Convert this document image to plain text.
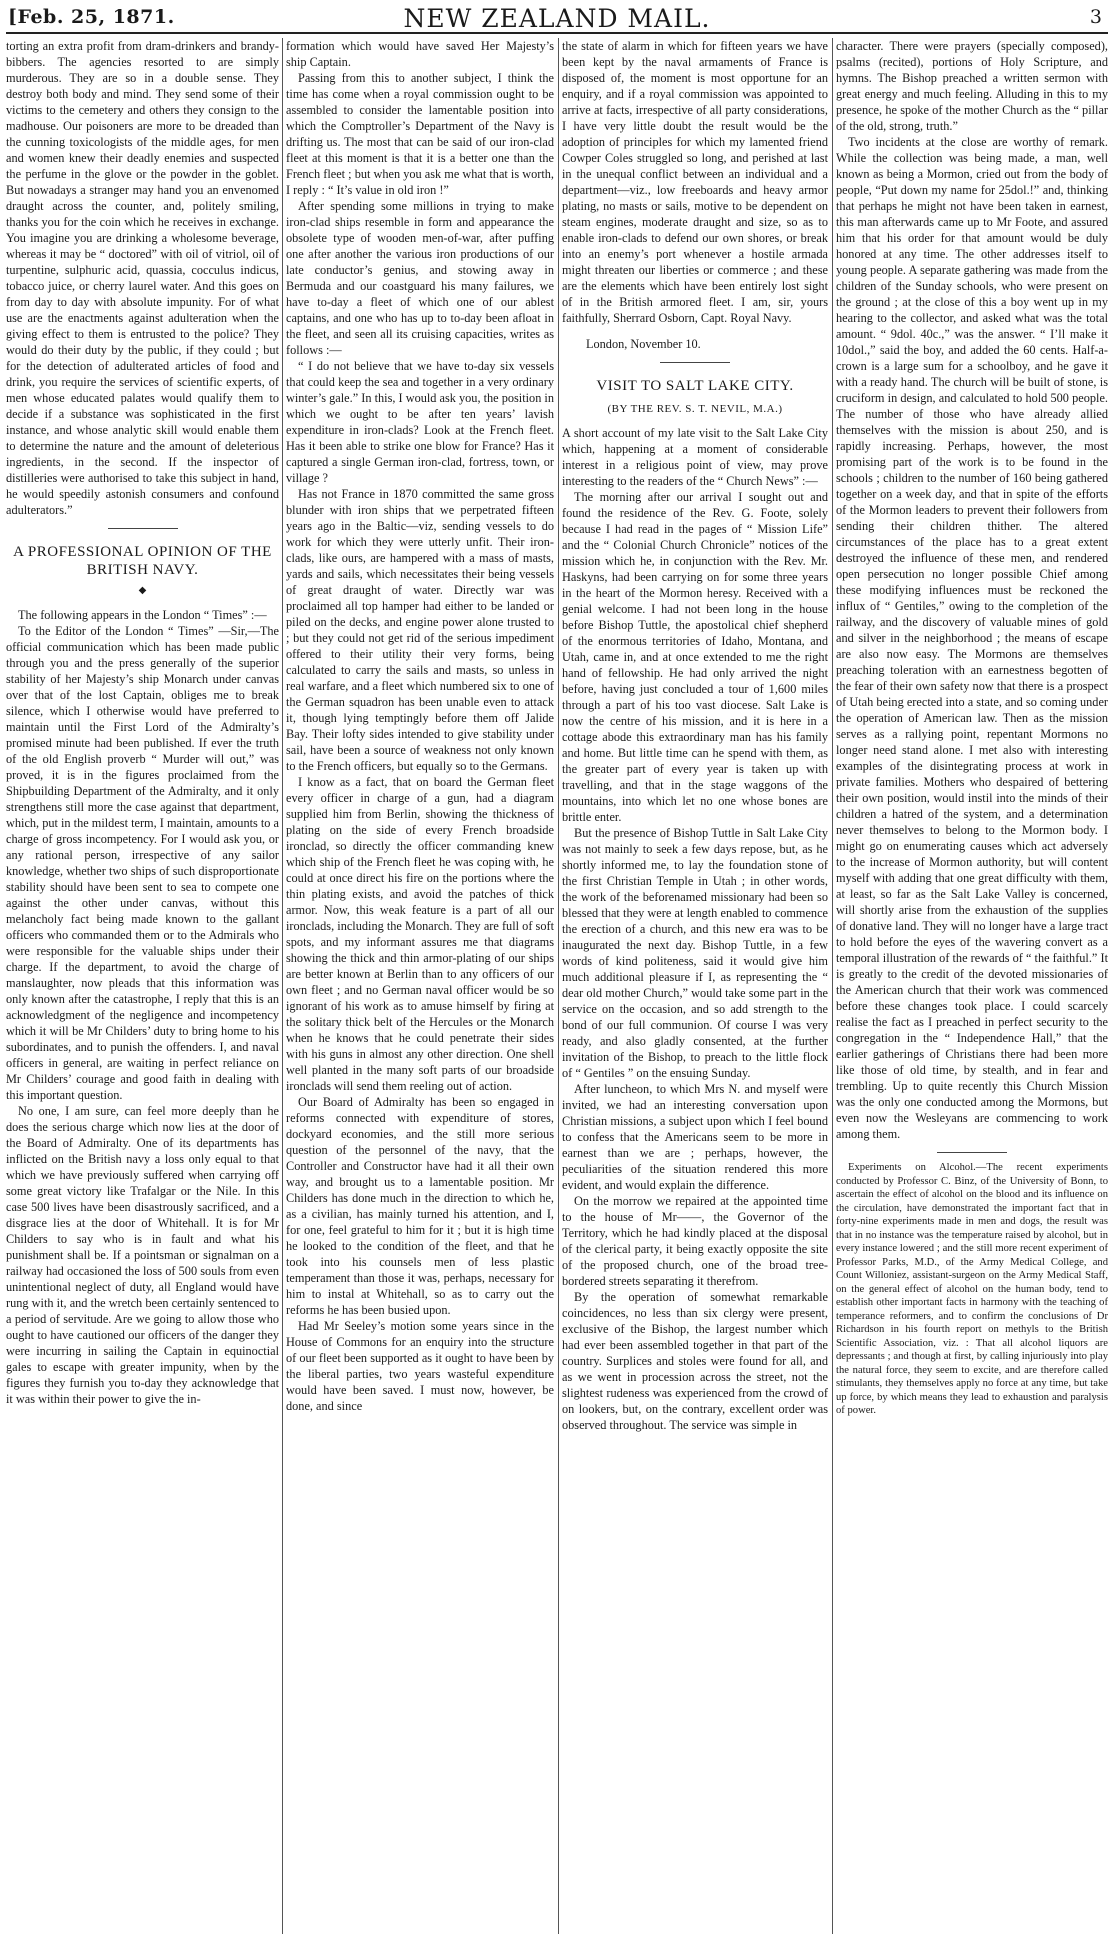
[Feb. 25, 1871.	NEW ZEALAND MAIL.	3

torting an extra profit from dram-drinkers and brandy-bibbers. The agencies resorted to are simply murderous. They are so in a double sense. They destroy both body and mind. They send some of their victims to the cemetery and others they consign to the madhouse. Our poisoners are more to be dreaded than the cunning toxicologists of the middle ages, for men and women knew their deadly enemies and suspected the perfume in the glove or the powder in the goblet. But nowadays a stranger may hand you an envenomed draught across the counter, and, politely smiling, thanks you for the coin which he receives in exchange. You imagine you are drinking a wholesome beverage, whereas it may be “ doctored” with oil of vitriol, oil of turpentine, sulphuric acid, quassia, cocculus indicus, tobacco juice, or cherry laurel water. And this goes on from day to day with absolute impunity. For of what use are the enactments against adulteration when the giving effect to them is entrusted to the police? They would do their duty by the public, if they could ; but for the detection of adulterated articles of food and drink, you require the services of scientific experts, of men whose educated palates would qualify them to decide if a substance was sophisticated in the first instance, and whose analytic skill would enable them to determine the nature and the amount of deleterious ingredients, in the second. If the inspector of distilleries were authorised to take this subject in hand, he would speedily astonish consumers and confound adulterators.”

A PROFESSIONAL OPINION OF THE BRITISH NAVY.
◆

The following appears in the London “ Times” :—

To the Editor of the London “ Times” —Sir,—The official communication which has been made public through you and the press generally of the superior stability of her Majesty’s ship Monarch under canvas over that of the lost Captain, obliges me to break silence, which I otherwise would have preferred to maintain until the First Lord of the Admiralty’s promised minute had been published. If ever the truth of the old English proverb “ Murder will out,” was proved, it is in the figures proclaimed from the Shipbuilding Department of the Admiralty, and it only strengthens still more the case against that department, which, put in the mildest term, I maintain, amounts to a charge of gross incompetency. For I would ask you, or any rational person, irrespective of any sailor knowledge, whether two ships of such disproportionate stability should have been sent to sea to compete one against the other under canvas, without this melancholy fact being made known to the gallant officers who commanded them or to the Admirals who were responsible for the valuable ships under their charge. If the department, to avoid the charge of manslaughter, now pleads that this information was only known after the catastrophe, I reply that this is an acknowledgment of the negligence and incompetency which it will be Mr Childers’ duty to bring home to his subordinates, and to punish the offenders. I, and naval officers in general, are waiting in perfect reliance on Mr Childers’ courage and good faith in dealing with this important question.

No one, I am sure, can feel more deeply than he does the serious charge which now lies at the door of the Board of Admiralty. One of its departments has inflicted on the British navy a loss only equal to that which we have previously suffered when carrying off some great victory like Trafalgar or the Nile. In this case 500 lives have been disastrously sacrificed, and a disgrace lies at the door of Whitehall. It is for Mr Childers to say who is in fault and what his punishment shall be. If a pointsman or signalman on a railway had occasioned the loss of 500 souls from even unintentional neglect of duty, all England would have rung with it, and the wretch been certainly sentenced to a period of servitude. Are we going to allow those who ought to have cautioned our officers of the danger they were incurring in sailing the Captain in equinoctial gales to escape with greater impunity, when by the figures they furnish you to-day they acknowledge that it was within their power to give the in-

formation which would have saved Her Majesty’s ship Captain.

Passing from this to another subject, I think the time has come when a royal commission ought to be assembled to consider the lamentable position into which the Comptroller’s Department of the Navy is drifting us. The most that can be said of our iron-clad fleet at this moment is that it is a better one than the French fleet ; but when you ask me what that is worth, I reply : “ It’s value in old iron !”

After spending some millions in trying to make iron-clad ships resemble in form and appearance the obsolete type of wooden men-of-war, after puffing one after another the various iron productions of our late conductor’s genius, and stowing away in Bermuda and our coastguard his many failures, we have to-day a fleet of which one of our ablest captains, and one who has up to to-day been afloat in the fleet, and seen all its cruising capacities, writes as follows :—

“ I do not believe that we have to-day six vessels that could keep the sea and together in a very ordinary winter’s gale.” In this, I would ask you, the position in which we ought to be after ten years’ lavish expenditure in iron-clads? Look at the French fleet. Has it been able to strike one blow for France? Has it captured a single German iron-clad, fortress, town, or village ?

Has not France in 1870 committed the same gross blunder with iron ships that we perpetrated fifteen years ago in the Baltic—viz, sending vessels to do work for which they were utterly unfit. Their iron-clads, like ours, are hampered with a mass of masts, yards and sails, which necessitates their being vessels of great draught of water. Directly war was proclaimed all top hamper had either to be landed or piled on the decks, and engine power alone trusted to ; but they could not get rid of the serious impediment offered to their utility their very forms, being calculated to carry the sails and masts, so unless in real warfare, and a fleet which numbered six to one of the German squadron has been unable even to attack it, though lying temptingly before them off Jalide Bay. Their lofty sides intended to give stability under sail, have been a source of weakness not only known to the French officers, but equally so to the Germans.

I know as a fact, that on board the German fleet every officer in charge of a gun, had a diagram supplied him from Berlin, showing the thickness of plating on the side of every French broadside ironclad, so directly the officer commanding knew which ship of the French fleet he was coping with, he could at once direct his fire on the portions where the thin plating exists, and avoid the patches of thick armor. Now, this weak feature is a part of all our ironclads, including the Monarch. They are full of soft spots, and my informant assures me that diagrams showing the thick and thin armor-plating of our ships are better known at Berlin than to any officers of our own fleet ; and no German naval officer would be so ignorant of his work as to amuse himself by firing at the solitary thick belt of the Hercules or the Monarch when he knows that he could penetrate their sides with his guns in almost any other direction. One shell well planted in the many soft parts of our broadside ironclads will send them reeling out of action.

Our Board of Admiralty has been so engaged in reforms connected with expenditure of stores, dockyard economies, and the still more serious question of the personnel of the navy, that the Controller and Constructor have had it all their own way, and brought us to a lamentable position. Mr Childers has done much in the direction to which he, as a civilian, has mainly turned his attention, and I, for one, feel grateful to him for it ; but it is high time he looked to the condition of the fleet, and that he took into his counsels men of less plastic temperament than those it was, perhaps, necessary for him to instal at Whitehall, so as to carry out the reforms he has been busied upon.

Had Mr Seeley’s motion some years since in the House of Commons for an enquiry into the structure of our fleet been supported as it ought to have been by the liberal parties, two years wasteful expenditure would have been saved. I must now, however, be done, and since

the state of alarm in which for fifteen years we have been kept by the naval armaments of France is disposed of, the moment is most opportune for an enquiry, and if a royal commission was appointed to arrive at facts, irrespective of all party considerations, I have very little doubt the result would be the adoption of principles for which my lamented friend Cowper Coles struggled so long, and perished at last in the unequal conflict between an individual and a department—viz., low freeboards and heavy armor plating, no masts or sails, motive to be dependent on steam engines, moderate draught and size, so as to enable iron-clads to defend our own shores, or break into an enemy’s port whenever a hostile armada might threaten our liberties or commerce ; and these are the elements which have been entirely lost sight of in the British armored fleet. I am, sir, yours faithfully, Sherrard Osborn, Capt. Royal Navy.

London, November 10.

VISIT TO SALT LAKE CITY.
(BY THE REV. S. T. NEVIL, M.A.)

A short account of my late visit to the Salt Lake City which, happening at a moment of considerable interest in a religious point of view, may prove interesting to the readers of the “ Church News” :—

The morning after our arrival I sought out and found the residence of the Rev. G. Foote, solely because I had read in the pages of “ Mission Life” and the “ Colonial Church Chronicle” notices of the mission which he, in conjunction with the Rev. Mr. Haskyns, had been carrying on for some three years in the heart of the Mormon heresy. Received with a genial welcome. I had not been long in the house before Bishop Tuttle, the apostolical chief shepherd of the enormous territories of Idaho, Montana, and Utah, came in, and at once extended to me the right hand of fellowship. He had only arrived the night before, having just concluded a tour of 1,600 miles through a part of his too vast diocese. Salt Lake is now the centre of his mission, and it is here in a cottage abode this extraordinary man has his family and home. But little time can he spend with them, as the greater part of every year is taken up with travelling, and that in the stage waggons of the mountains, into which let no one whose bones are brittle enter.

But the presence of Bishop Tuttle in Salt Lake City was not mainly to seek a few days repose, but, as he shortly informed me, to lay the foundation stone of the first Christian Temple in Utah ; in other words, the work of the beforenamed missionary had been so blessed that they were at length enabled to commence the erection of a church, and this new era was to be inaugurated the next day. Bishop Tuttle, in a few words of kind politeness, said it would give him much additional pleasure if I, as representing the “ dear old mother Church,” would take some part in the service on the occasion, and so add strength to the bond of our full communion. Of course I was very ready, and also gladly consented, at the further invitation of the Bishop, to preach to the little flock of “ Gentiles ” on the ensuing Sunday.

After luncheon, to which Mrs N. and myself were invited, we had an interesting conversation upon Christian missions, a subject upon which I feel bound to confess that the Americans seem to be more in earnest than we are ; perhaps, however, the peculiarities of the situation rendered this more evident, and would explain the difference.

On the morrow we repaired at the appointed time to the house of Mr——, the Governor of the Territory, which he had kindly placed at the disposal of the clerical party, it being exactly opposite the site of the proposed church, one of the broad tree-bordered streets separating it therefrom.

By the operation of somewhat remarkable coincidences, no less than six clergy were present, exclusive of the Bishop, the largest number which had ever been assembled together in that part of the country. Surplices and stoles were found for all, and as we went in procession across the street, not the slightest rudeness was experienced from the crowd of on lookers, but, on the contrary, excellent order was observed throughout. The service was simple in

character. There were prayers (specially composed), psalms (recited), portions of Holy Scripture, and hymns. The Bishop preached a written sermon with great energy and much feeling. Alluding in this to my presence, he spoke of the mother Church as the “ pillar of the old, strong, truth.”

Two incidents at the close are worthy of remark. While the collection was being made, a man, well known as being a Mormon, cried out from the body of people, “Put down my name for 25dol.!” and, thinking that perhaps he might not have been taken in earnest, this man afterwards came up to Mr Foote, and assured him that his order for that amount would be duly honored at any time. The other addresses itself to young people. A separate gathering was made from the children of the Sunday schools, who were present on the ground ; at the close of this a boy went up in my hearing to the collector, and asked what was the total amount. “ 9dol. 40c.,” was the answer. “ I’ll make it 10dol.,” said the boy, and added the 60 cents. Half-a-crown is a large sum for a schoolboy, and he gave it with a ready hand. The church will be built of stone, is cruciform in design, and calculated to hold 500 people. The number of those who have already allied themselves with the mission is about 250, and is rapidly increasing. Perhaps, however, the most promising part of the work is to be found in the schools ; children to the number of 160 being gathered together on a week day, and that in spite of the efforts of the Mormon leaders to prevent their followers from sending their children thither. The altered circumstances of the place has to a great extent destroyed the influence of these men, and rendered open persecution no longer possible Chief among these modifying influences must be reckoned the influx of “ Gentiles,” owing to the completion of the railway, and the discovery of valuable mines of gold and silver in the neighborhood ; the means of escape are also now easy. The Mormons are themselves preaching toleration with an earnestness begotten of the fear of their own safety now that there is a prospect of Utah being erected into a state, and so coming under the operation of American law. Then as the mission serves as a rallying point, repentant Mormons no longer need stand alone. I met also with interesting examples of the disintegrating process at work in private families. Mothers who despaired of bettering their own position, would instil into the minds of their children a hatred of the system, and a determination never themselves to belong to the Mormon body. I might go on enumerating causes which act adversely to the increase of Mormon authority, but will content myself with adding that one great difficulty with them, at least, so far as the Salt Lake Valley is concerned, will shortly arise from the exhaustion of the supplies of donative land. They will no longer have a large tract to hold before the eyes of the wavering convert as a temporal illustration of the rewards of “ the faithful.” It is greatly to the credit of the devoted missionaries of the American church that their work was commenced before these changes took place. I could scarcely realise the fact as I preached in perfect security to the congregation in the “ Independence Hall,” that the earlier gatherings of Christians there had been more like those of old time, by stealth, and in fear and trembling. Up to quite recently this Church Mission was the only one conducted among the Mormons, but even now the Wesleyans are commencing to work among them.

Experiments on Alcohol.—The recent experiments conducted by Professor C. Binz, of the University of Bonn, to ascertain the effect of alcohol on the blood and its influence on the circulation, have demonstrated the important fact that in forty-nine experiments made in men and dogs, the result was that in no instance was the temperature raised by alcohol, but in every instance lowered ; and the still more recent experiment of Professor Parks, M.D., of the Army Medical College, and Count Willoniez, assistant-surgeon on the Army Medical Staff, on the general effect of alcohol on the human body, tend to establish other important facts in harmony with the teaching of temperance reformers, and to confirm the conclusions of Dr Richardson in his fourth report on methyls to the British Scientific Association, viz. : That all alcohol liquors are depressants ; and though at first, by calling injuriously into play the natural force, they seem to excite, and are therefore called stimulants, they themselves apply no force at any time, but take up force, by which means they lead to exhaustion and paralysis of power.
